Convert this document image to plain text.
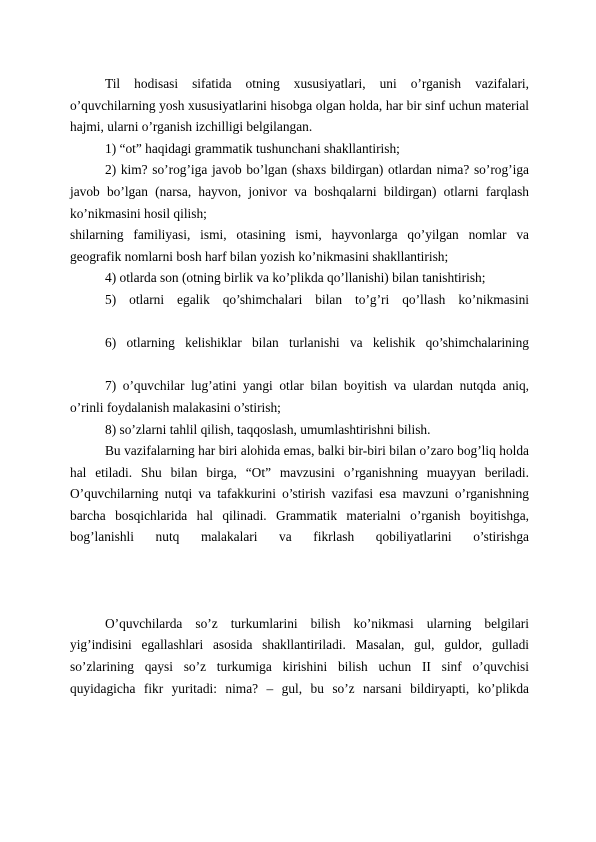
Til hodisasi sifatida otning xususiyatlari, uni o’rganish vazifalari, o’quvchilarning yosh xususiyatlarini hisobga olgan holda, har bir sinf uchun material hajmi, ularni o’rganish izchilligi belgilangan.

1) “ot” haqidagi grammatik tushunchani shakllantirish;

2) kim? so’rog’iga javob bo’lgan (shaxs bildirgan) otlardan nima? so’rog’iga javob bo’lgan (narsa, hayvon, jonivor va boshqalarni bildirgan) otlarni farqlash ko’nikmasini hosil qilish;

shilarning familiyasi, ismi, otasining ismi, hayvonlarga qo’yilgan nomlar va geografik nomlarni bosh harf bilan yozish ko’nikmasini shakllantirish;

4) otlarda son (otning birlik va ko’plikda qo’llanishi) bilan tanishtirish;

5) otlarni egalik qo’shimchalari bilan to’g’ri qo’llash ko’nikmasini

6) otlarning kelishiklar bilan turlanishi va kelishik qo’shimchalarining

7) o’quvchilar lug’atini yangi otlar bilan boyitish va ulardan nutqda aniq, o’rinli foydalanish malakasini o’stirish;

8) so’zlarni tahlil qilish, taqqoslash, umumlashtirishni bilish.

Bu vazifalarning har biri alohida emas, balki bir-biri bilan o’zaro bog’liq holda hal etiladi. Shu bilan birga, “Ot” mavzusini o’rganishning muayyan beriladi. O’quvchilarning nutqi va tafakkurini o’stirish vazifasi esa mavzuni o’rganishning barcha bosqichlarida hal qilinadi. Grammatik materialni o’rganish boyitishga, bog’lanishli nutq malakalari va fikrlash qobiliyatlarini o’stirishga

O’quvchilarda so’z turkumlarini bilish ko’nikmasi ularning belgilari yig’indisini egallashlari asosida shakllantiriladi. Masalan, gul, guldor, gulladi so’zlarining qaysi so’z turkumiga kirishini bilish uchun II sinf o’quvchisi quyidagicha fikr yuritadi: nima? – gul, bu so’z narsani bildiryapti, ko’plikda
